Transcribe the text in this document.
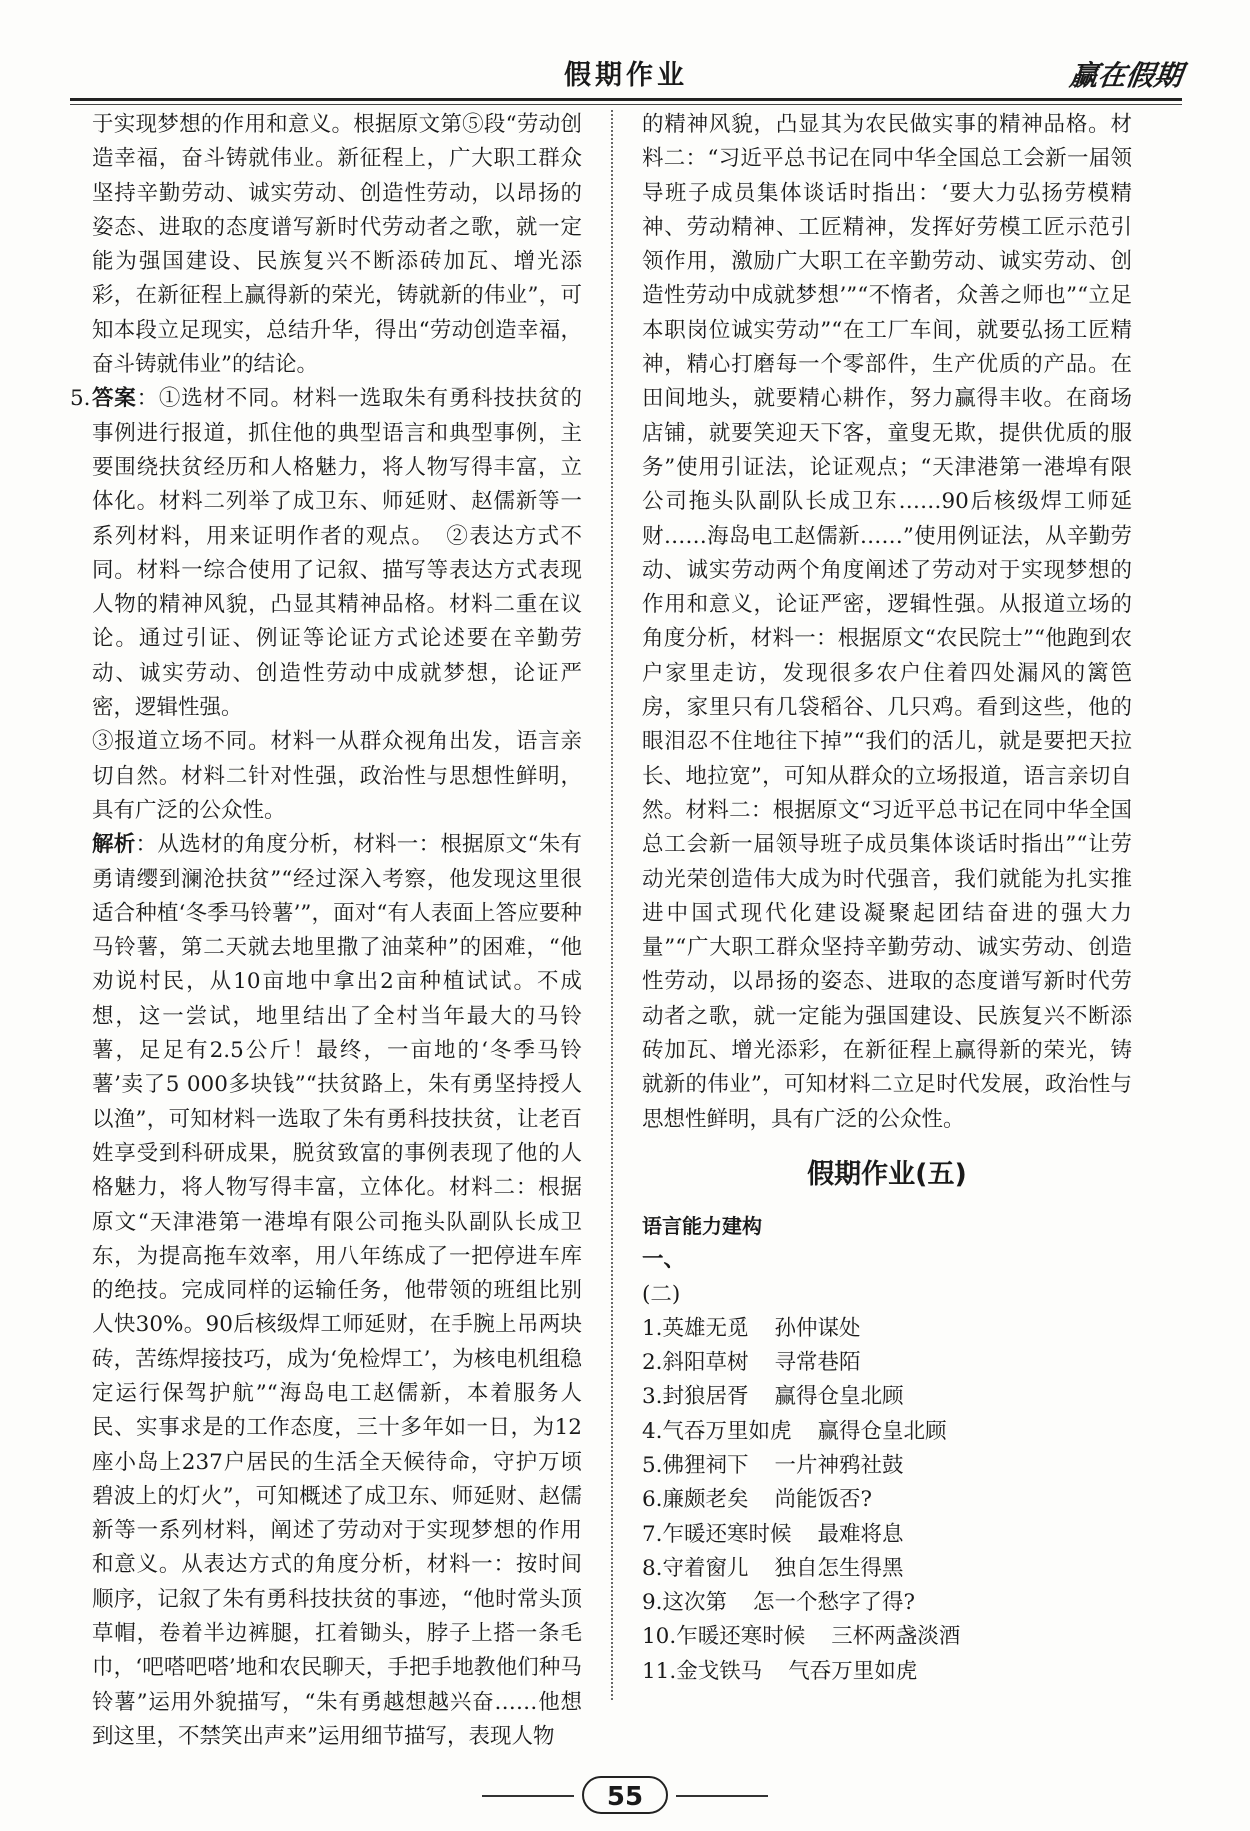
假期作业	赢在假期

于实现梦想的作用和意义。根据原文第⑤段“劳动创造幸福，奋斗铸就伟业。新征程上，广大职工群众坚持辛勤劳动、诚实劳动、创造性劳动，以昂扬的姿态、进取的态度谱写新时代劳动者之歌，就一定能为强国建设、民族复兴不断添砖加瓦、增光添彩，在新征程上赢得新的荣光，铸就新的伟业”，可知本段立足现实，总结升华，得出“劳动创造幸福，奋斗铸就伟业”的结论。

5. 答案：①选材不同。材料一选取朱有勇科技扶贫的事例进行报道，抓住他的典型语言和典型事例，主要围绕扶贫经历和人格魅力，将人物写得丰富，立体化。材料二列举了成卫东、师延财、赵儒新等一系列材料，用来证明作者的观点。　②表达方式不同。材料一综合使用了记叙、描写等表达方式表现人物的精神风貌，凸显其精神品格。材料二重在议论。通过引证、例证等论证方式论述要在辛勤劳动、诚实劳动、创造性劳动中成就梦想，论证严密，逻辑性强。

③报道立场不同。材料一从群众视角出发，语言亲切自然。材料二针对性强，政治性与思想性鲜明，具有广泛的公众性。

解析：从选材的角度分析，材料一：根据原文“朱有勇请缨到澜沧扶贫”“经过深入考察，他发现这里很适合种植‘冬季马铃薯’”，面对“有人表面上答应要种马铃薯，第二天就去地里撒了油菜种”的困难，“他劝说村民，从10亩地中拿出2亩种植试试。不成想，这一尝试，地里结出了全村当年最大的马铃薯，足足有2.5公斤！最终，一亩地的‘冬季马铃薯’卖了5 000多块钱”“扶贫路上，朱有勇坚持授人以渔”，可知材料一选取了朱有勇科技扶贫，让老百姓享受到科研成果，脱贫致富的事例表现了他的人格魅力，将人物写得丰富，立体化。材料二：根据原文“天津港第一港埠有限公司拖头队副队长成卫东，为提高拖车效率，用八年练成了一把停进车库的绝技。完成同样的运输任务，他带领的班组比别人快30%。90后核级焊工师延财，在手腕上吊两块砖，苦练焊接技巧，成为‘免检焊工’，为核电机组稳定运行保驾护航”“海岛电工赵儒新，本着服务人民、实事求是的工作态度，三十多年如一日，为12座小岛上237户居民的生活全天候待命，守护万顷碧波上的灯火”，可知概述了成卫东、师延财、赵儒新等一系列材料，阐述了劳动对于实现梦想的作用和意义。从表达方式的角度分析，材料一：按时间顺序，记叙了朱有勇科技扶贫的事迹，“他时常头顶草帽，卷着半边裤腿，扛着锄头，脖子上搭一条毛巾，‘吧嗒吧嗒’地和农民聊天，手把手地教他们种马铃薯”运用外貌描写，“朱有勇越想越兴奋……他想到这里，不禁笑出声来”运用细节描写，表现人物

的精神风貌，凸显其为农民做实事的精神品格。材料二：“习近平总书记在同中华全国总工会新一届领导班子成员集体谈话时指出：‘要大力弘扬劳模精神、劳动精神、工匠精神，发挥好劳模工匠示范引领作用，激励广大职工在辛勤劳动、诚实劳动、创造性劳动中成就梦想’”“不惰者，众善之师也”“立足本职岗位诚实劳动”“在工厂车间，就要弘扬工匠精神，精心打磨每一个零部件，生产优质的产品。在田间地头，就要精心耕作，努力赢得丰收。在商场店铺，就要笑迎天下客，童叟无欺，提供优质的服务”使用引证法，论证观点；“天津港第一港埠有限公司拖头队副队长成卫东……90后核级焊工师延财……海岛电工赵儒新……”使用例证法，从辛勤劳动、诚实劳动两个角度阐述了劳动对于实现梦想的作用和意义，论证严密，逻辑性强。从报道立场的角度分析，材料一：根据原文“农民院士”“他跑到农户家里走访，发现很多农户住着四处漏风的篱笆房，家里只有几袋稻谷、几只鸡。看到这些，他的眼泪忍不住地往下掉”“我们的活儿，就是要把天拉长、地拉宽”，可知从群众的立场报道，语言亲切自然。材料二：根据原文“习近平总书记在同中华全国总工会新一届领导班子成员集体谈话时指出”“让劳动光荣创造伟大成为时代强音，我们就能为扎实推进中国式现代化建设凝聚起团结奋进的强大力量”“广大职工群众坚持辛勤劳动、诚实劳动、创造性劳动，以昂扬的姿态、进取的态度谱写新时代劳动者之歌，就一定能为强国建设、民族复兴不断添砖加瓦、增光添彩，在新征程上赢得新的荣光，铸就新的伟业”，可知材料二立足时代发展，政治性与思想性鲜明，具有广泛的公众性。

假期作业(五)

语言能力建构

一、

(二)

1.英雄无觅 孙仲谋处

2.斜阳草树 寻常巷陌

3.封狼居胥 赢得仓皇北顾

4.气吞万里如虎 赢得仓皇北顾

5.佛狸祠下 一片神鸦社鼓

6.廉颇老矣 尚能饭否?

7.乍暖还寒时候 最难将息

8.守着窗儿 独自怎生得黑

9.这次第 怎一个愁字了得?

10.乍暖还寒时候 三杯两盏淡酒

11.金戈铁马 气吞万里如虎

55
